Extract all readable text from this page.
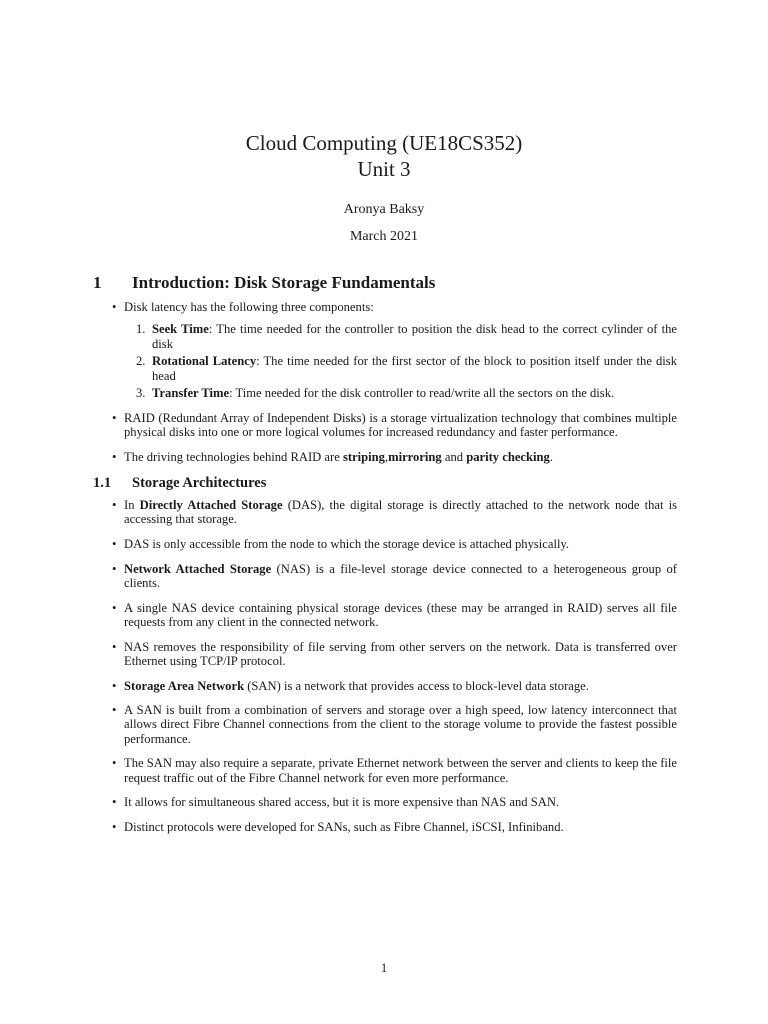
Cloud Computing (UE18CS352)
Unit 3
Aronya Baksy
March 2021
1	Introduction: Disk Storage Fundamentals
• Disk latency has the following three components:
1. Seek Time: The time needed for the controller to position the disk head to the correct cylinder of the disk
2. Rotational Latency: The time needed for the first sector of the block to position itself under the disk head
3. Transfer Time: Time needed for the disk controller to read/write all the sectors on the disk.
• RAID (Redundant Array of Independent Disks) is a storage virtualization technology that combines multiple physical disks into one or more logical volumes for increased redundancy and faster performance.
• The driving technologies behind RAID are striping,mirroring and parity checking.
1.1	Storage Architectures
• In Directly Attached Storage (DAS), the digital storage is directly attached to the network node that is accessing that storage.
• DAS is only accessible from the node to which the storage device is attached physically.
• Network Attached Storage (NAS) is a file-level storage device connected to a heterogeneous group of clients.
• A single NAS device containing physical storage devices (these may be arranged in RAID) serves all file requests from any client in the connected network.
• NAS removes the responsibility of file serving from other servers on the network. Data is transferred over Ethernet using TCP/IP protocol.
• Storage Area Network (SAN) is a network that provides access to block-level data storage.
• A SAN is built from a combination of servers and storage over a high speed, low latency interconnect that allows direct Fibre Channel connections from the client to the storage volume to provide the fastest possible performance.
• The SAN may also require a separate, private Ethernet network between the server and clients to keep the file request traffic out of the Fibre Channel network for even more performance.
• It allows for simultaneous shared access, but it is more expensive than NAS and SAN.
• Distinct protocols were developed for SANs, such as Fibre Channel, iSCSI, Infiniband.
1
